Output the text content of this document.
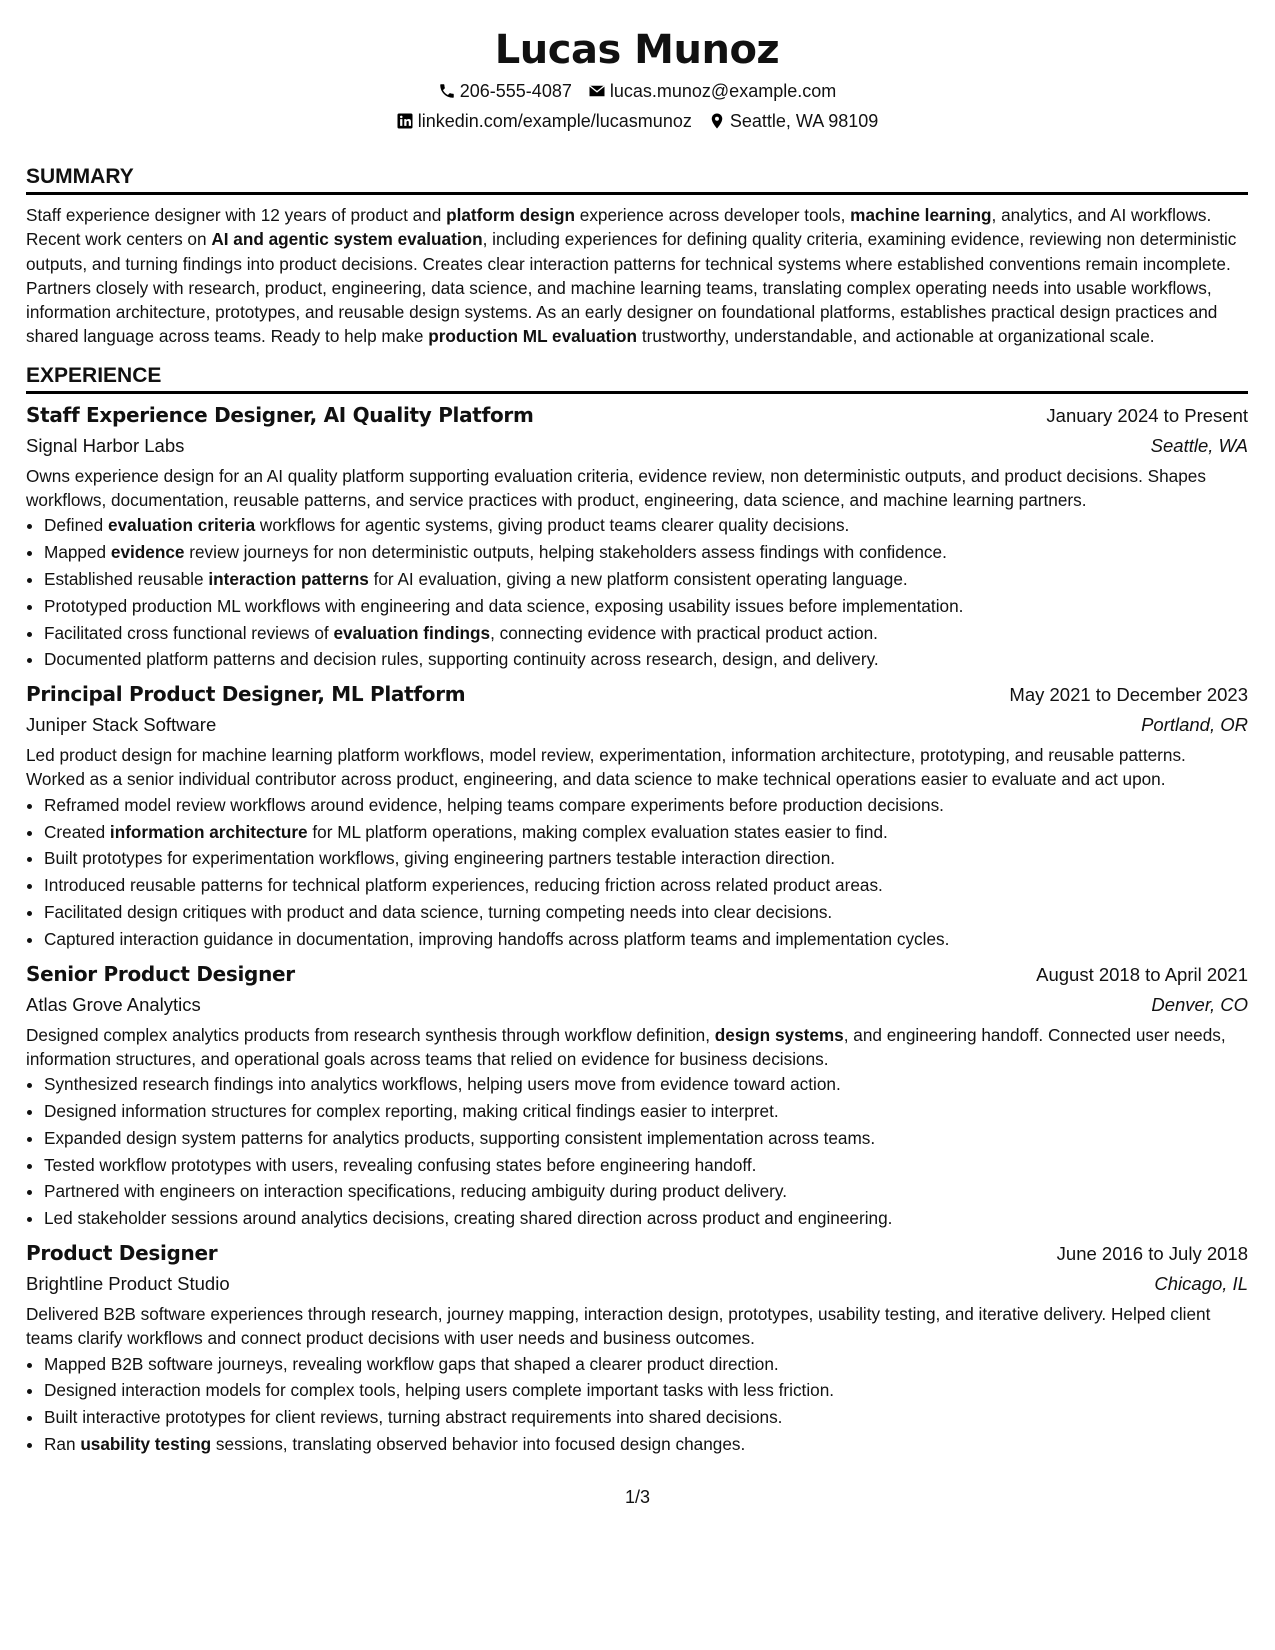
Lucas Munoz
206-555-4087 lucas.munoz@example.com
linkedin.com/example/lucasmunoz Seattle, WA 98109
SUMMARY

Staff experience designer with 12 years of product and platform design experience across developer tools, machine learning, analytics, and AI workflows. Recent work centers on AI and agentic system evaluation, including experiences for defining quality criteria, examining evidence, reviewing non deterministic outputs, and turning findings into product decisions. Creates clear interaction patterns for technical systems where established conventions remain incomplete. Partners closely with research, product, engineering, data science, and machine learning teams, translating complex operating needs into usable workflows, information architecture, prototypes, and reusable design systems. As an early designer on foundational platforms, establishes practical design practices and shared language across teams. Ready to help make production ML evaluation trustworthy, understandable, and actionable at organizational scale.

EXPERIENCE
Staff Experience Designer, AI Quality Platform	January 2024 to Present
Signal Harbor Labs	Seattle, WA

Owns experience design for an AI quality platform supporting evaluation criteria, evidence review, non deterministic outputs, and product decisions. Shapes workflows, documentation, reusable patterns, and service practices with product, engineering, data science, and machine learning partners.

• Defined evaluation criteria workflows for agentic systems, giving product teams clearer quality decisions.
• Mapped evidence review journeys for non deterministic outputs, helping stakeholders assess findings with confidence.
• Established reusable interaction patterns for AI evaluation, giving a new platform consistent operating language.
• Prototyped production ML workflows with engineering and data science, exposing usability issues before implementation.
• Facilitated cross functional reviews of evaluation findings, connecting evidence with practical product action.
• Documented platform patterns and decision rules, supporting continuity across research, design, and delivery.
Principal Product Designer, ML Platform	May 2021 to December 2023
Juniper Stack Software	Portland, OR

Led product design for machine learning platform workflows, model review, experimentation, information architecture, prototyping, and reusable patterns. Worked as a senior individual contributor across product, engineering, and data science to make technical operations easier to evaluate and act upon.

• Reframed model review workflows around evidence, helping teams compare experiments before production decisions.
• Created information architecture for ML platform operations, making complex evaluation states easier to find.
• Built prototypes for experimentation workflows, giving engineering partners testable interaction direction.
• Introduced reusable patterns for technical platform experiences, reducing friction across related product areas.
• Facilitated design critiques with product and data science, turning competing needs into clear decisions.
• Captured interaction guidance in documentation, improving handoffs across platform teams and implementation cycles.
Senior Product Designer	August 2018 to April 2021
Atlas Grove Analytics	Denver, CO

Designed complex analytics products from research synthesis through workflow definition, design systems, and engineering handoff. Connected user needs, information structures, and operational goals across teams that relied on evidence for business decisions.

• Synthesized research findings into analytics workflows, helping users move from evidence toward action.
• Designed information structures for complex reporting, making critical findings easier to interpret.
• Expanded design system patterns for analytics products, supporting consistent implementation across teams.
• Tested workflow prototypes with users, revealing confusing states before engineering handoff.
• Partnered with engineers on interaction specifications, reducing ambiguity during product delivery.
• Led stakeholder sessions around analytics decisions, creating shared direction across product and engineering.
Product Designer	June 2016 to July 2018
Brightline Product Studio	Chicago, IL

Delivered B2B software experiences through research, journey mapping, interaction design, prototypes, usability testing, and iterative delivery. Helped client teams clarify workflows and connect product decisions with user needs and business outcomes.

• Mapped B2B software journeys, revealing workflow gaps that shaped a clearer product direction.
• Designed interaction models for complex tools, helping users complete important tasks with less friction.
• Built interactive prototypes for client reviews, turning abstract requirements into shared decisions.
• Ran usability testing sessions, translating observed behavior into focused design changes.
1/3
